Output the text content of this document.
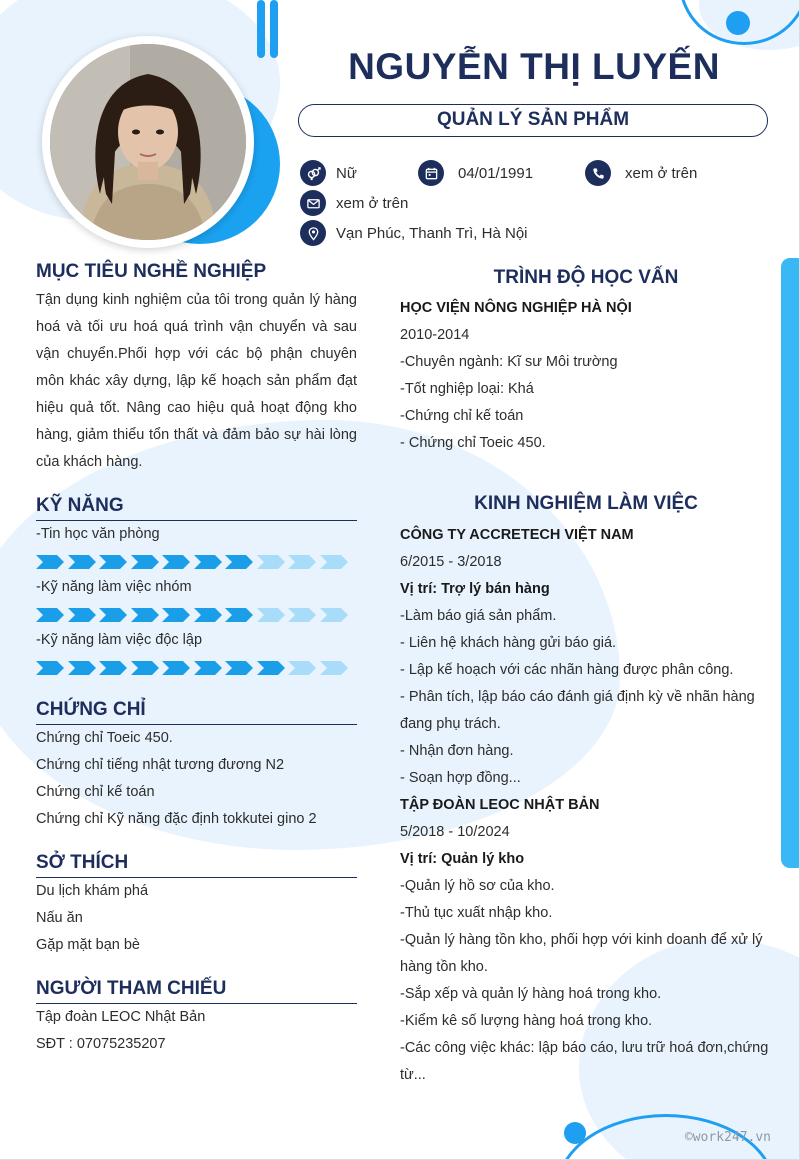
NGUYỄN THỊ LUYẾN
QUẢN LÝ SẢN PHẨM
Nữ	04/01/1991	xem ở trên
xem ở trên
Vạn Phúc, Thanh Trì, Hà Nội
MỤC TIÊU NGHỀ NGHIỆP
Tận dụng kinh nghiệm của tôi trong quản lý hàng hoá và tối ưu hoá quá trình vận chuyển và sau vận chuyển.Phối hợp với các bộ phận chuyên môn khác xây dựng, lập kế hoạch sản phẩm đạt hiệu quả tốt. Nâng cao hiệu quả hoạt động kho hàng, giảm thiểu tổn thất và đảm bảo sự hài lòng của khách hàng.
KỸ NĂNG
-Tin học văn phòng
-Kỹ năng làm việc nhóm
-Kỹ năng làm việc độc lập
CHỨNG CHỈ
Chứng chỉ Toeic 450.
Chứng chỉ tiếng nhật tương đương N2
Chứng chỉ kế toán
Chứng chỉ Kỹ năng đặc định tokkutei gino 2
SỞ THÍCH
Du lịch khám phá
Nấu ăn
Gặp mặt bạn bè
NGƯỜI THAM CHIẾU
Tập đoàn LEOC Nhật Bản
SĐT : 07075235207
TRÌNH ĐỘ HỌC VẤN
HỌC VIỆN NÔNG NGHIỆP HÀ NỘI
2010-2014
-Chuyên ngành: Kĩ sư Môi trường
-Tốt nghiệp loại: Khá
-Chứng chỉ kế toán
- Chứng chỉ Toeic 450.
KINH NGHIỆM LÀM VIỆC
CÔNG TY ACCRETECH VIỆT NAM
6/2015 - 3/2018
Vị trí: Trợ lý bán hàng
-Làm báo giá sản phẩm.
- Liên hệ khách hàng gửi báo giá.
- Lập kế hoạch với các nhãn hàng được phân công.
- Phân tích, lập báo cáo đánh giá định kỳ về nhãn hàng
đang phụ trách.
- Nhận đơn hàng.
- Soạn hợp đồng...
TẬP ĐOÀN LEOC NHẬT BẢN
5/2018 - 10/2024
Vị trí: Quản lý kho
-Quản lý hồ sơ của kho.
-Thủ tục xuất nhập kho.
-Quản lý hàng tồn kho, phối hợp với kinh doanh để xử lý
hàng tồn kho.
-Sắp xếp và quản lý hàng hoá trong kho.
-Kiểm kê số lượng hàng hoá trong kho.
-Các công việc khác: lập báo cáo, lưu trữ hoá đơn,chứng
từ...
©work247.vn
